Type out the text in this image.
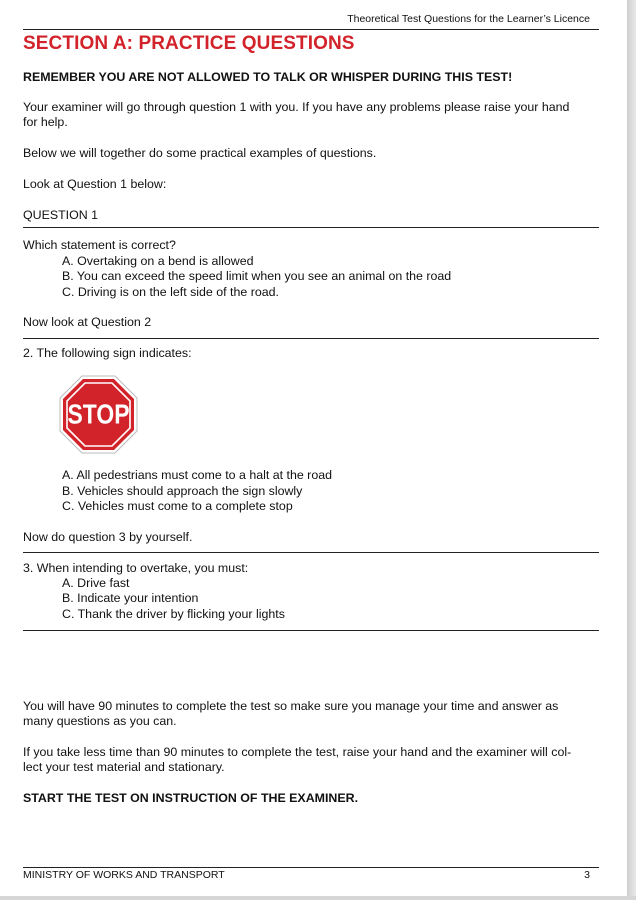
Theoretical Test Questions for the Learner’s Licence
SECTION A: PRACTICE QUESTIONS
REMEMBER YOU ARE NOT ALLOWED TO TALK OR WHISPER DURING THIS TEST!
Your examiner will go through question 1 with you. If you have any problems please raise your hand
for help.
Below we will together do some practical examples of questions.
Look at Question 1 below:
QUESTION 1
Which statement is correct?
A. Overtaking on a bend is allowed
B. You can exceed the speed limit when you see an animal on the road
C. Driving is on the left side of the road.
Now look at Question 2
2. The following sign indicates:
STOP
A. All pedestrians must come to a halt at the road
B. Vehicles should approach the sign slowly
C. Vehicles must come to a complete stop
Now do question 3 by yourself.
3. When intending to overtake, you must:
A. Drive fast
B. Indicate your intention
C. Thank the driver by flicking your lights
You will have 90 minutes to complete the test so make sure you manage your time and answer as
many questions as you can.
If you take less time than 90 minutes to complete the test, raise your hand and the examiner will col-
lect your test material and stationary.
START THE TEST ON INSTRUCTION OF THE EXAMINER.
MINISTRY OF WORKS AND TRANSPORT	3
